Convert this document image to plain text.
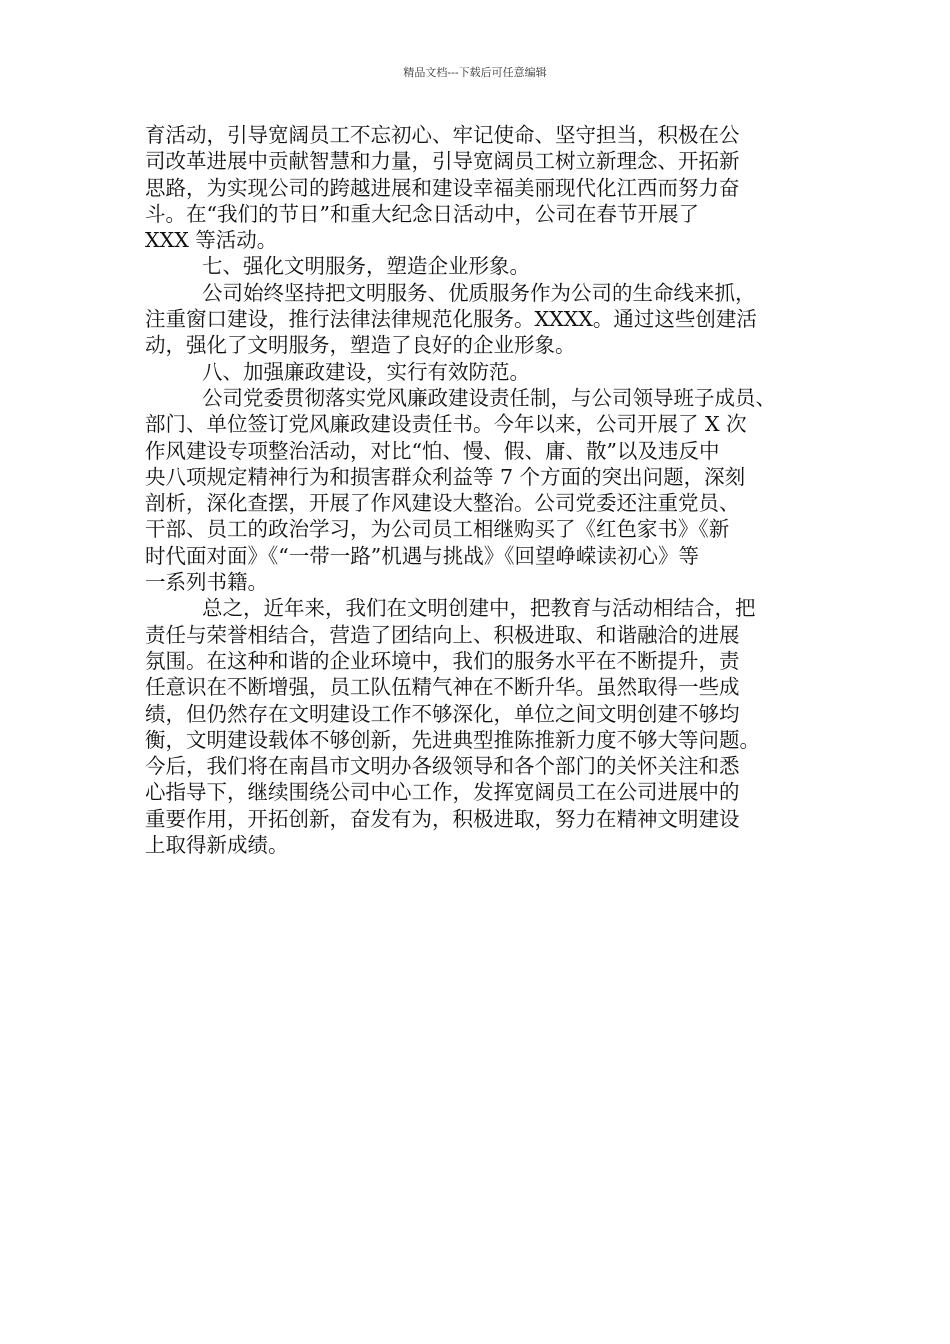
精品文档---下载后可任意编辑
育活动，引导宽阔员工不忘初心、牢记使命、坚守担当，积极在公
司改革进展中贡献智慧和力量，引导宽阔员工树立新理念、开拓新
思路，为实现公司的跨越进展和建设幸福美丽现代化江西而努力奋
斗。在“我们的节日”和重大纪念日活动中，公司在春节开展了
XXX 等活动。
七、强化文明服务，塑造企业形象。
公司始终坚持把文明服务、优质服务作为公司的生命线来抓，
注重窗口建设，推行法律法律规范化服务。XXXX。通过这些创建活
动，强化了文明服务，塑造了良好的企业形象。
八、加强廉政建设，实行有效防范。
公司党委贯彻落实党风廉政建设责任制，与公司领导班子成员、
部门、单位签订党风廉政建设责任书。今年以来，公司开展了 X 次
作风建设专项整治活动，对比“怕、慢、假、庸、散”以及违反中
央八项规定精神行为和损害群众利益等 7 个方面的突出问题，深刻
剖析，深化查摆，开展了作风建设大整治。公司党委还注重党员、
干部、员工的政治学习，为公司员工相继购买了《红色家书》《新
时代面对面》《“一带一路”机遇与挑战》《回望峥嵘读初心》等
一系列书籍。
总之，近年来，我们在文明创建中，把教育与活动相结合，把
责任与荣誉相结合，营造了团结向上、积极进取、和谐融洽的进展
氛围。在这种和谐的企业环境中，我们的服务水平在不断提升，责
任意识在不断增强，员工队伍精气神在不断升华。虽然取得一些成
绩，但仍然存在文明建设工作不够深化，单位之间文明创建不够均
衡，文明建设载体不够创新，先进典型推陈推新力度不够大等问题。
今后，我们将在南昌市文明办各级领导和各个部门的关怀关注和悉
心指导下，继续围绕公司中心工作，发挥宽阔员工在公司进展中的
重要作用，开拓创新，奋发有为，积极进取，努力在精神文明建设
上取得新成绩。
